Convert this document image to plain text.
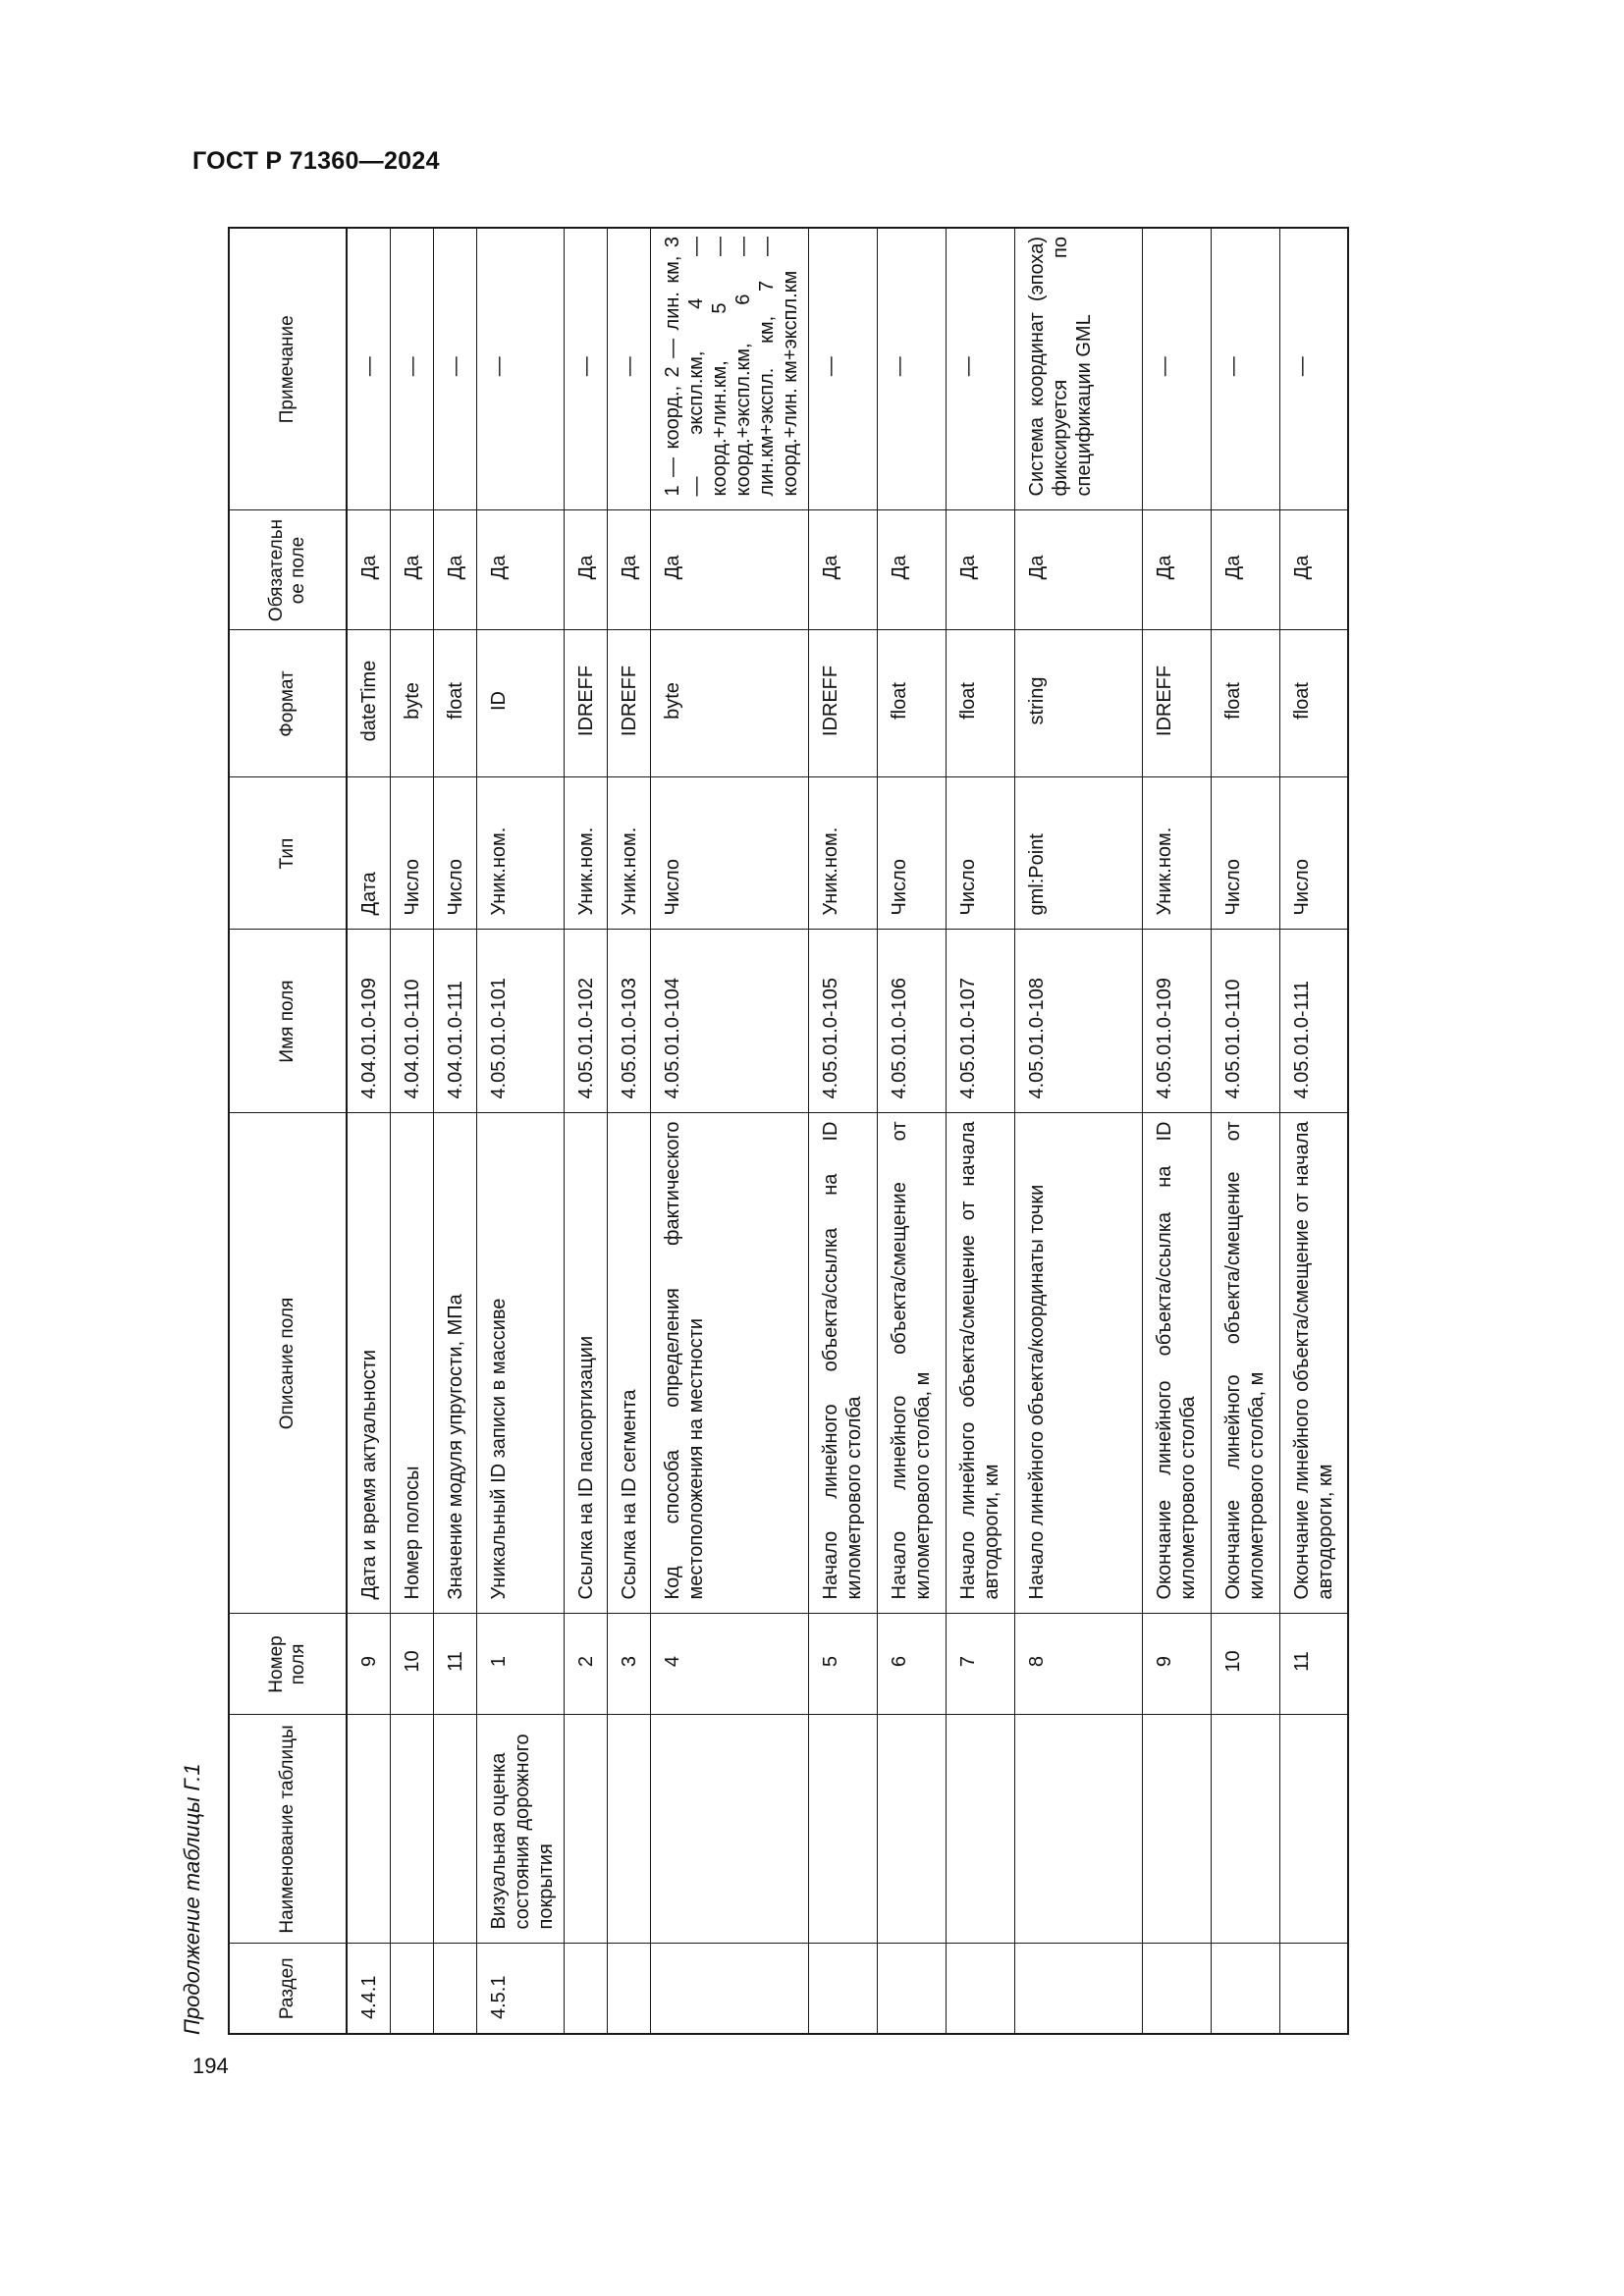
ГОСТ Р 71360—2024
Продолжение таблицы Г.1	Раздел	Наименование таблицы	Номер поля	Описание поля	Имя поля	Тип	Формат	Обязательное поле	Примечание
4.4.1		9	Дата и время актуальности	4.04.01.0-109	Дата	dateTime	Да	—
		10	Номер полосы	4.04.01.0-110	Число	byte	Да	—
		11	Значение модуля упругости, МПа	4.04.01.0-111	Число	float	Да	—
4.5.1	Визуальная оценка состояния дорожного покрытия	1	Уникальный ID записи в массиве	4.05.01.0-101	Уник.ном.	ID	Да	—
		2	Ссылка на ID паспортизации	4.05.01.0-102	Уник.ном.	IDREFF	Да	—
		3	Ссылка на ID сегмента	4.05.01.0-103	Уник.ном.	IDREFF	Да	—
		4	Код способа определения фактического местоположения на местности	4.05.01.0-104	Число	byte	Да	1 — коорд., 2 — лин. км, 3 — экспл.км, 4 — коорд.+лин.км, 5 — коорд.+экспл.км, 6 — лин.км+экспл. км, 7 — коорд.+лин. км+экспл.км
		5	Начало линейного объекта/ссылка на ID километрового столба	4.05.01.0-105	Уник.ном.	IDREFF	Да	—
		6	Начало линейного объекта/смещение от километрового столба, м	4.05.01.0-106	Число	float	Да	—
		7	Начало линейного объекта/смещение от начала автодороги, км	4.05.01.0-107	Число	float	Да	—
		8	Начало линейного объекта/координаты точки	4.05.01.0-108	gml:Point	string	Да	Система координат (эпоха) фиксируется по спецификации GML
		9	Окончание линейного объекта/ссылка на ID километрового столба	4.05.01.0-109	Уник.ном.	IDREFF	Да	—
		10	Окончание линейного объекта/смещение от километрового столба, м	4.05.01.0-110	Число	float	Да	—
		11	Окончание линейного объекта/смещение от начала автодороги, км	4.05.01.0-111	Число	float	Да	—
194
